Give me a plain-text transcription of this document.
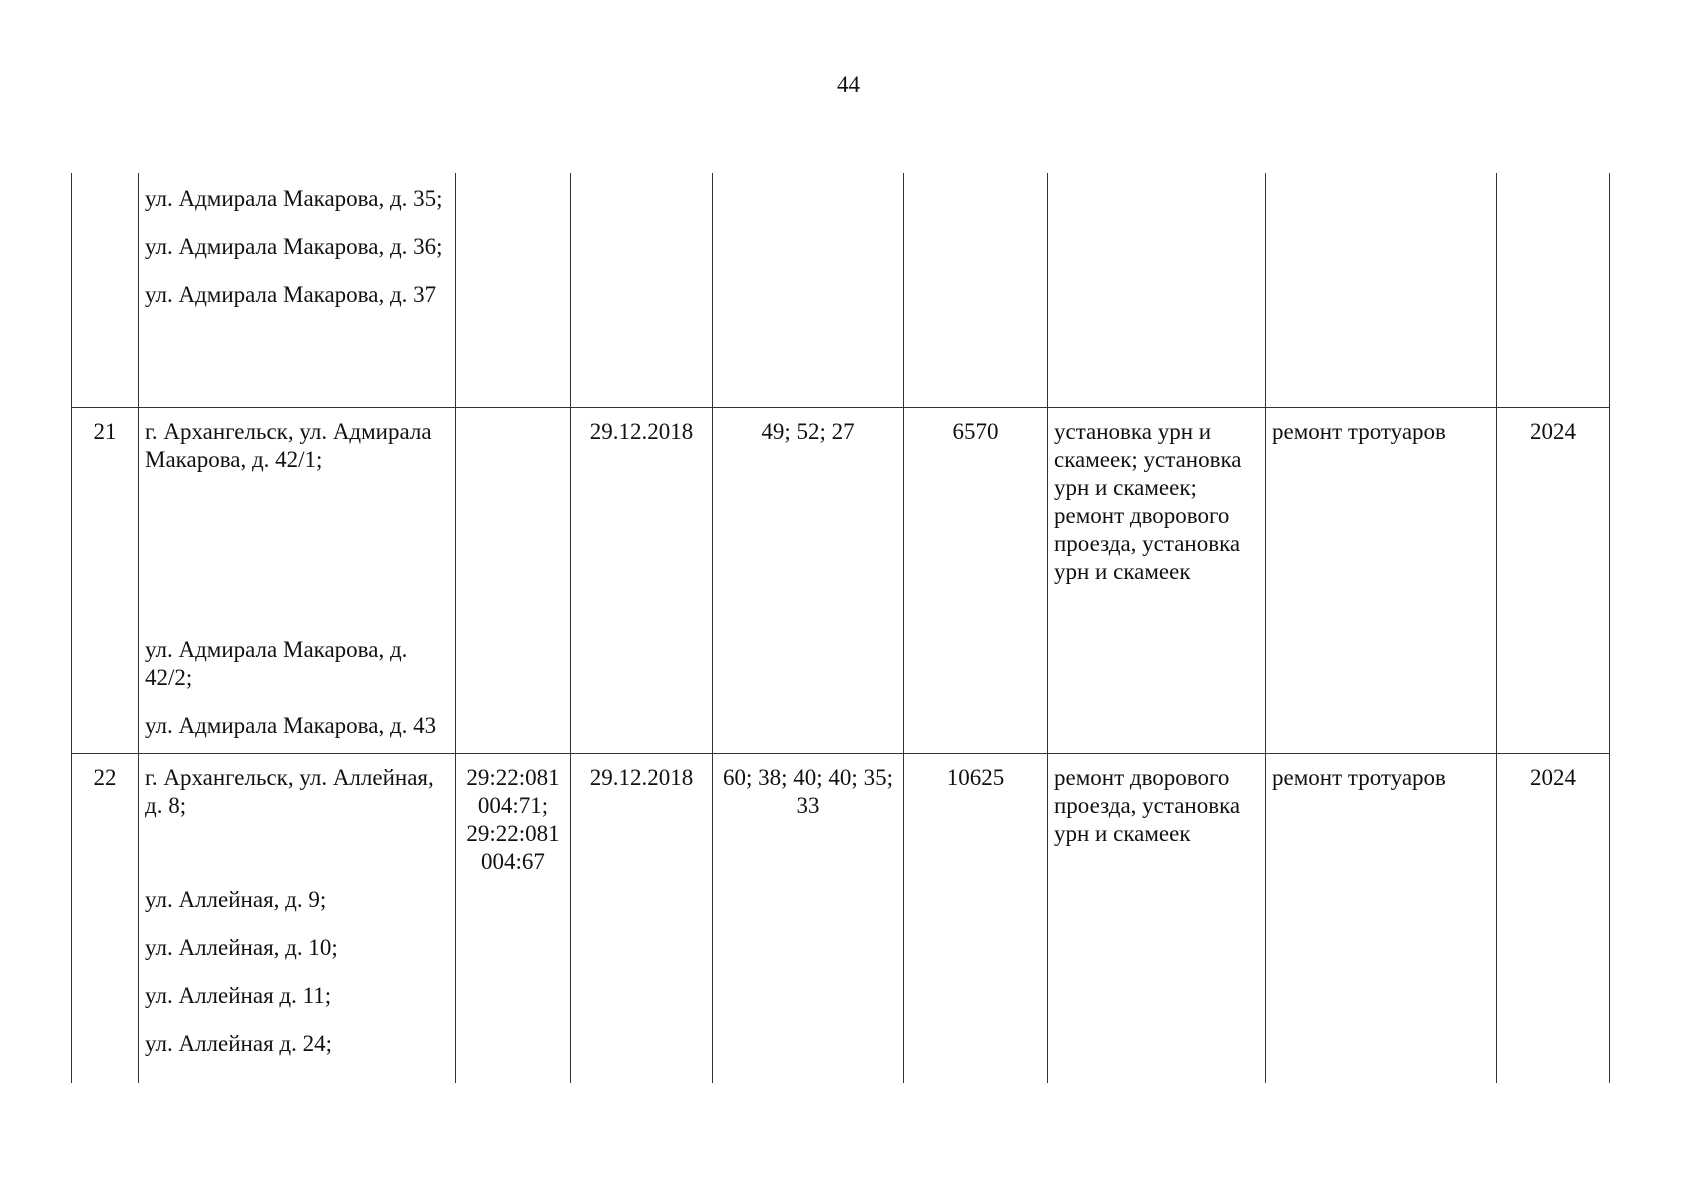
44

	ул. Адмирала Макарова, д. 35;

ул. Адмирала Макарова, д. 36;

ул. Адмирала Макарова, д. 37							

21	г. Архангельск, ул. Адмирала Макарова, д. 42/1;

ул. Адмирала Макарова, д. 42/2;

ул. Адмирала Макарова, д. 43		29.12.2018	49; 52; 27	6570	установка урн и скамеек; установка урн и скамеек; ремонт дворового проезда, установка урн и скамеек	ремонт тротуаров	2024
22	г. Архангельск, ул. Аллейная, д. 8;

ул. Аллейная, д. 9;

ул. Аллейная, д. 10;

ул. Аллейная д. 11;

ул. Аллейная д. 24;	29:22:081 004:71; 29:22:081 004:67	29.12.2018	60; 38; 40; 40; 35; 33	10625	ремонт дворового проезда, установка урн и скамеек	ремонт тротуаров	2024
